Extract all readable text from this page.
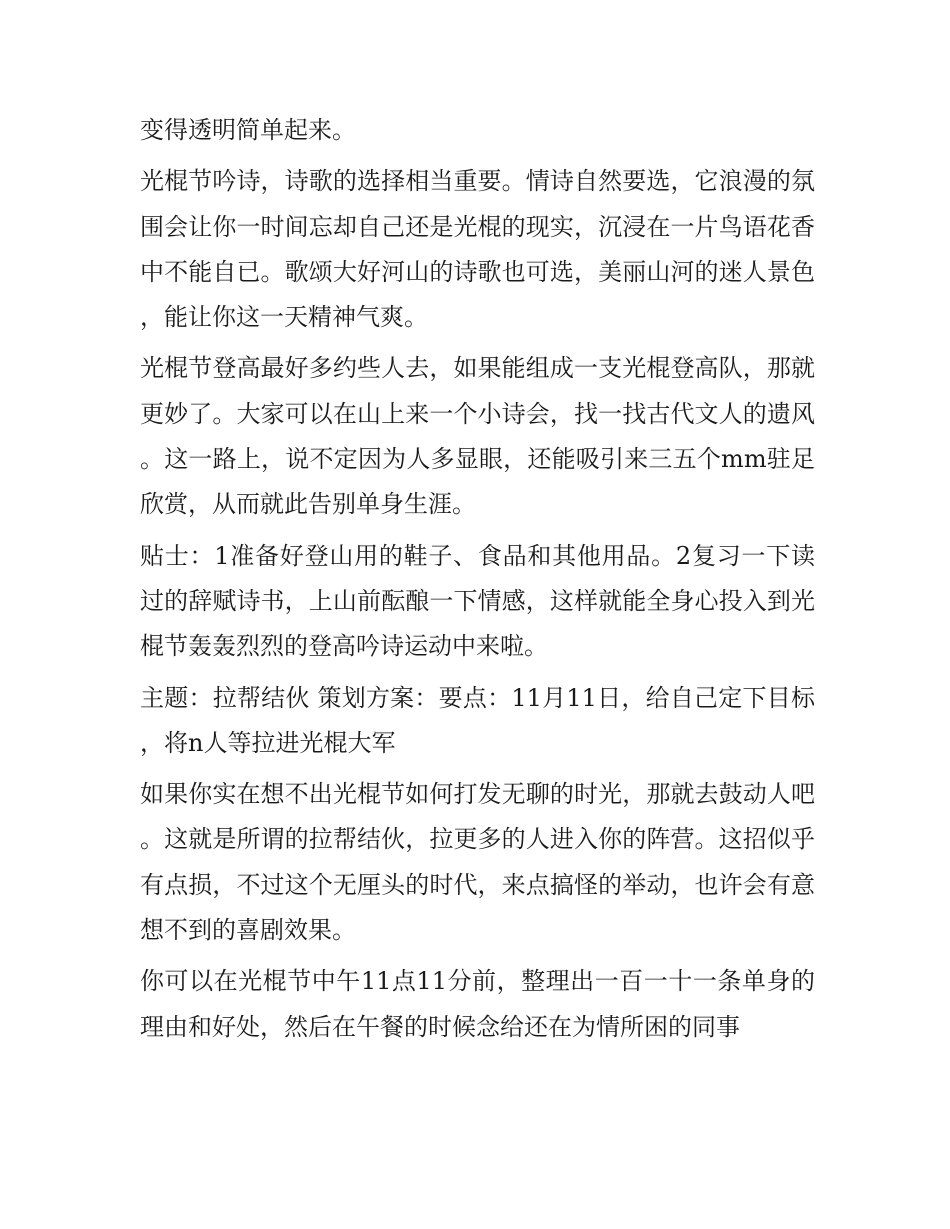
变得透明简单起来。

光棍节吟诗，诗歌的选择相当重要。情诗自然要选，它浪漫的氛围会让你一时间忘却自己还是光棍的现实，沉浸在一片鸟语花香中不能自已。歌颂大好河山的诗歌也可选，美丽山河的迷人景色，能让你这一天精神气爽。

光棍节登高最好多约些人去，如果能组成一支光棍登高队，那就更妙了。大家可以在山上来一个小诗会，找一找古代文人的遗风。这一路上，说不定因为人多显眼，还能吸引来三五个mm驻足欣赏，从而就此告别单身生涯。

贴士：1准备好登山用的鞋子、食品和其他用品。2复习一下读过的辞赋诗书，上山前酝酿一下情感，这样就能全身心投入到光棍节轰轰烈烈的登高吟诗运动中来啦。

主题：拉帮结伙 策划方案：要点：11月11日，给自己定下目标，将n人等拉进光棍大军

如果你实在想不出光棍节如何打发无聊的时光，那就去鼓动人吧。这就是所谓的拉帮结伙，拉更多的人进入你的阵营。这招似乎有点损，不过这个无厘头的时代，来点搞怪的举动，也许会有意想不到的喜剧效果。

你可以在光棍节中午11点11分前，整理出一百一十一条单身的理由和好处，然后在午餐的时候念给还在为情所困的同事
